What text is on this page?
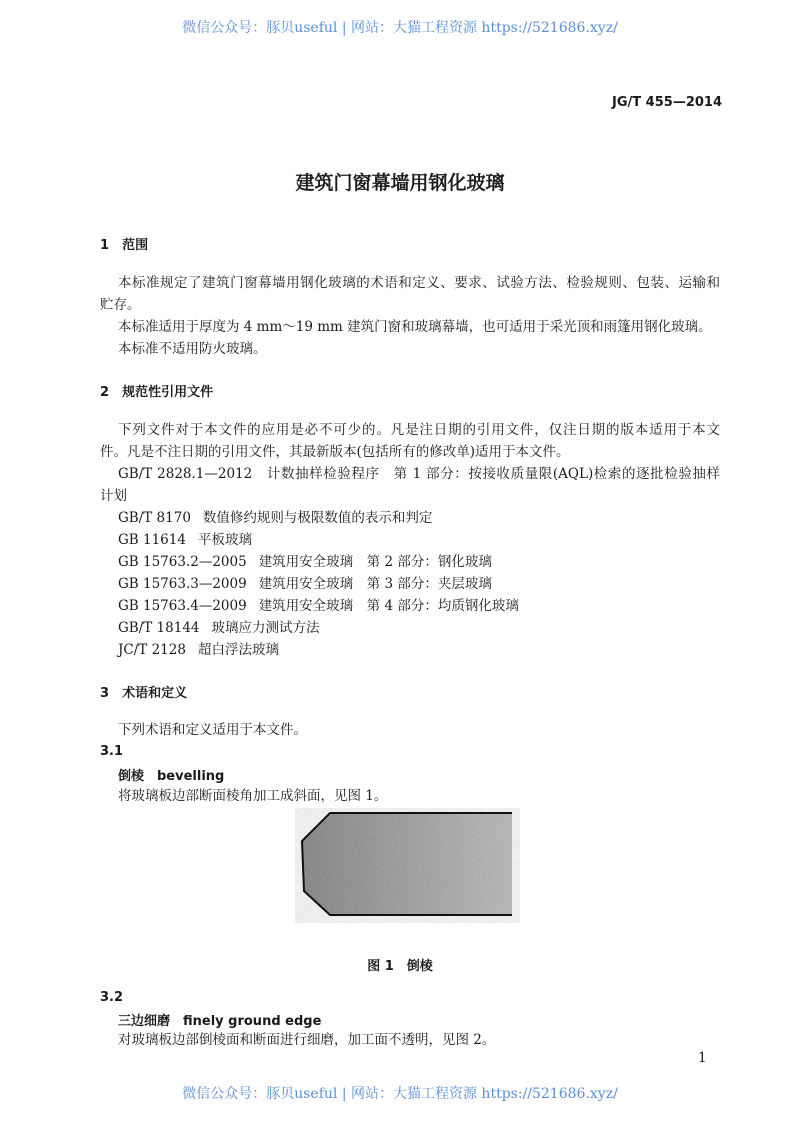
微信公众号：豚贝useful | 网站：大猫工程资源 https://521686.xyz/
JG/T 455—2014
建筑门窗幕墙用钢化玻璃
1　 范围
本标准规定了建筑门窗幕墙用钢化玻璃的术语和定义、要求、试验方法、检验规则、包装、运输和
贮存。
本标准适用于厚度为 4 mm～19 mm 建筑门窗和玻璃幕墙，也可适用于采光顶和雨篷用钢化玻璃。
本标准不适用防火玻璃。
2　 规范性引用文件
下列文件对于本文件的应用是必不可少的。凡是注日期的引用文件，仅注日期的版本适用于本文
件。凡是不注日期的引用文件，其最新版本(包括所有的修改单)适用于本文件。
GB/T 2828.1—2012　计数抽样检验程序　第 1 部分：按接收质量限(AQL)检索的逐批检验抽样
计划
GB/T 8170 数值修约规则与极限数值的表示和判定
GB 11614 平板玻璃
GB 15763.2—2005 建筑用安全玻璃　第 2 部分：钢化玻璃
GB 15763.3—2009 建筑用安全玻璃　第 3 部分：夹层玻璃
GB 15763.4—2009 建筑用安全玻璃　第 4 部分：均质钢化玻璃
GB/T 18144 玻璃应力测试方法
JC/T 2128 超白浮法玻璃
3　 术语和定义
下列术语和定义适用于本文件。
3.1
倒棱　bevelling
将玻璃板边部断面棱角加工成斜面，见图 1。
图 1　倒棱
3.2
三边细磨　finely ground edge
对玻璃板边部倒棱面和断面进行细磨，加工面不透明，见图 2。
1
微信公众号：豚贝useful | 网站：大猫工程资源 https://521686.xyz/
